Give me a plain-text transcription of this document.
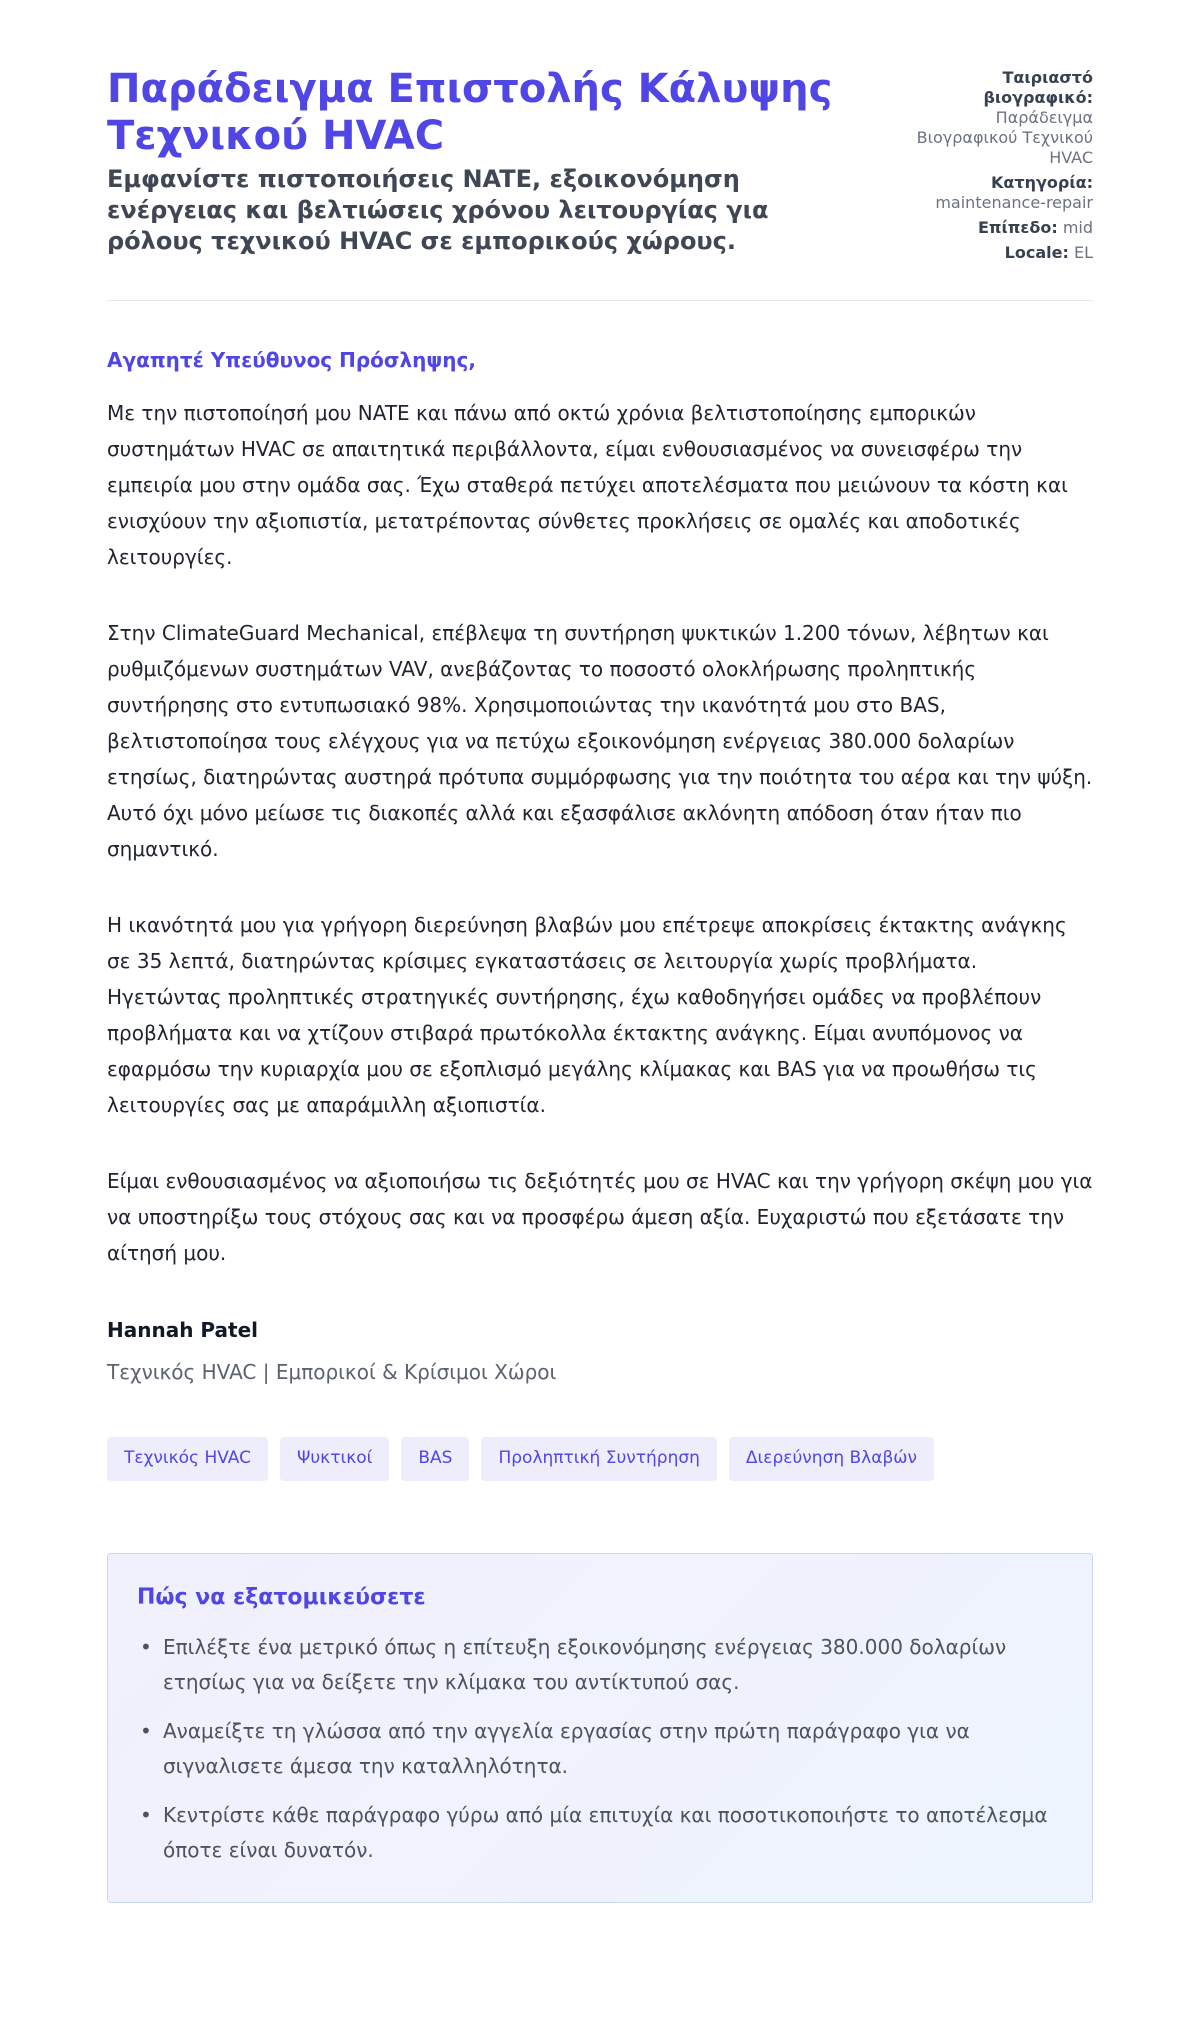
Παράδειγμα Επιστολής Κάλυψης Τεχνικού HVAC
Εμφανίστε πιστοποιήσεις NATE, εξοικονόμηση ενέργειας και βελτιώσεις χρόνου λειτουργίας για ρόλους τεχνικού HVAC σε εμπορικούς χώρους.
Ταιριαστό βιογραφικό:
Παράδειγμα Βιογραφικού Τεχνικού HVAC
Κατηγορία:
maintenance-repair
Επίπεδο: mid
Locale: EL

Αγαπητέ Υπεύθυνος Πρόσληψης,

Με την πιστοποίησή μου NATE και πάνω από οκτώ χρόνια βελτιστοποίησης εμπορικών συστημάτων HVAC σε απαιτητικά περιβάλλοντα, είμαι ενθουσιασμένος να συνεισφέρω την εμπειρία μου στην ομάδα σας. Έχω σταθερά πετύχει αποτελέσματα που μειώνουν τα κόστη και ενισχύουν την αξιοπιστία, μετατρέποντας σύνθετες προκλήσεις σε ομαλές και αποδοτικές λειτουργίες.

Στην ClimateGuard Mechanical, επέβλεψα τη συντήρηση ψυκτικών 1.200 τόνων, λέβητων και ρυθμιζόμενων συστημάτων VAV, ανεβάζοντας το ποσοστό ολοκλήρωσης προληπτικής συντήρησης στο εντυπωσιακό 98%. Χρησιμοποιώντας την ικανότητά μου στο BAS, βελτιστοποίησα τους ελέγχους για να πετύχω εξοικονόμηση ενέργειας 380.000 δολαρίων ετησίως, διατηρώντας αυστηρά πρότυπα συμμόρφωσης για την ποιότητα του αέρα και την ψύξη. Αυτό όχι μόνο μείωσε τις διακοπές αλλά και εξασφάλισε ακλόνητη απόδοση όταν ήταν πιο σημαντικό.

Η ικανότητά μου για γρήγορη διερεύνηση βλαβών μου επέτρεψε αποκρίσεις έκτακτης ανάγκης σε 35 λεπτά, διατηρώντας κρίσιμες εγκαταστάσεις σε λειτουργία χωρίς προβλήματα. Ηγετώντας προληπτικές στρατηγικές συντήρησης, έχω καθοδηγήσει ομάδες να προβλέπουν προβλήματα και να χτίζουν στιβαρά πρωτόκολλα έκτακτης ανάγκης. Είμαι ανυπόμονος να εφαρμόσω την κυριαρχία μου σε εξοπλισμό μεγάλης κλίμακας και BAS για να προωθήσω τις λειτουργίες σας με απαράμιλλη αξιοπιστία.

Είμαι ενθουσιασμένος να αξιοποιήσω τις δεξιότητές μου σε HVAC και την γρήγορη σκέψη μου για να υποστηρίξω τους στόχους σας και να προσφέρω άμεση αξία. Ευχαριστώ που εξετάσατε την αίτησή μου.

Hannah Patel
Τεχνικός HVAC | Εμπορικοί & Κρίσιμοι Χώροι
Τεχνικός HVAC	Ψυκτικοί	BAS	Προληπτική Συντήρηση	Διερεύνηση Βλαβών
Πώς να εξατομικεύσετε
• Επιλέξτε ένα μετρικό όπως η επίτευξη εξοικονόμησης ενέργειας 380.000 δολαρίων ετησίως για να δείξετε την κλίμακα του αντίκτυπού σας.
• Αναμείξτε τη γλώσσα από την αγγελία εργασίας στην πρώτη παράγραφο για να σιγναλισετε άμεσα την καταλληλότητα.
• Κεντρίστε κάθε παράγραφο γύρω από μία επιτυχία και ποσοτικοποιήστε το αποτέλεσμα όποτε είναι δυνατόν.
